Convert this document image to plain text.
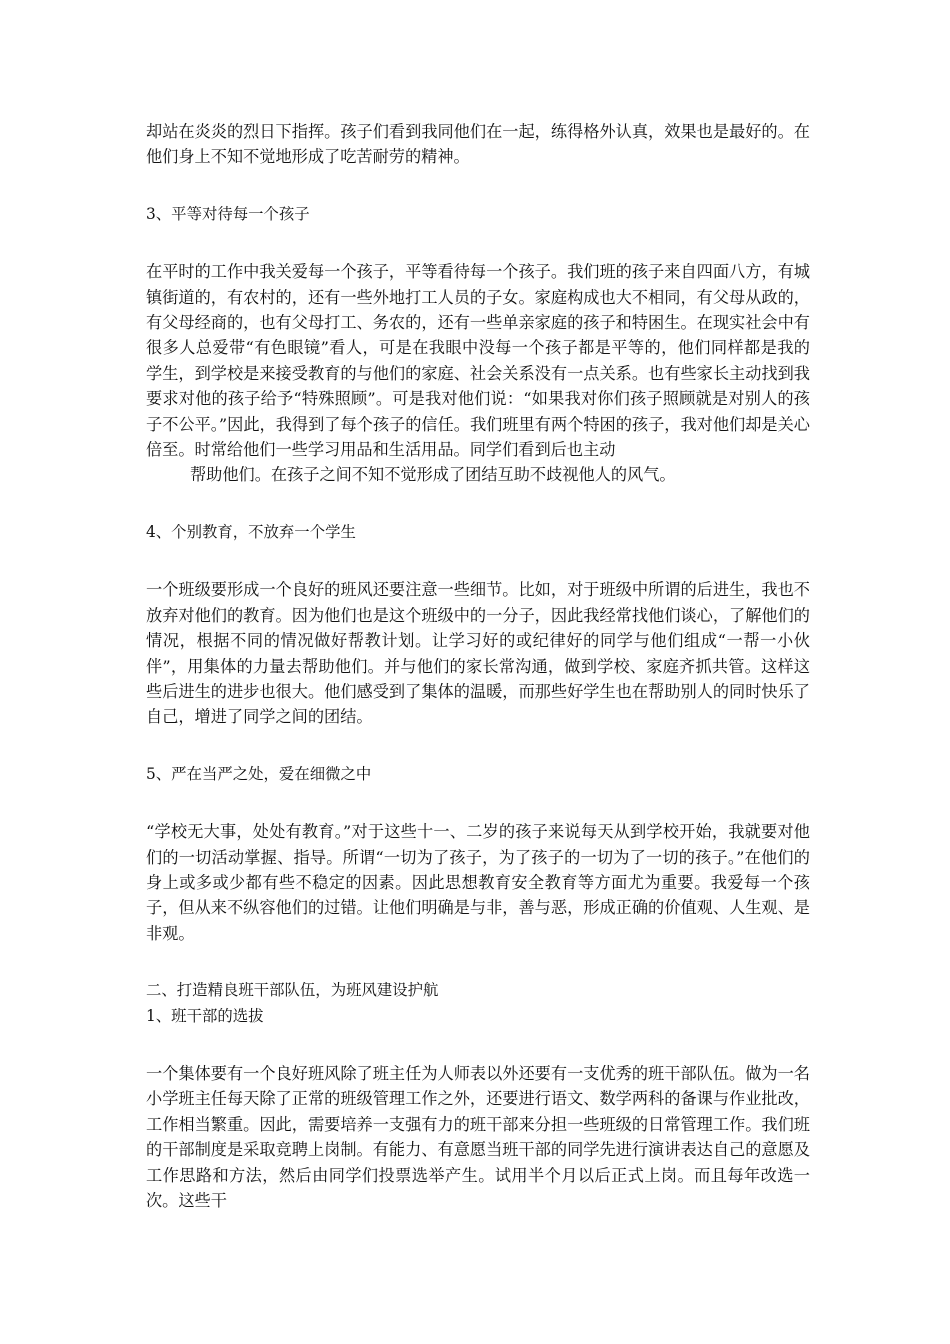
却站在炎炎的烈日下指挥。孩子们看到我同他们在一起，练得格外认真，效果也是最好的。在他们身上不知不觉地形成了吃苦耐劳的精神。

3、平等对待每一个孩子

在平时的工作中我关爱每一个孩子，平等看待每一个孩子。我们班的孩子来自四面八方，有城镇街道的，有农村的，还有一些外地打工人员的子女。家庭构成也大不相同，有父母从政的，有父母经商的，也有父母打工、务农的，还有一些单亲家庭的孩子和特困生。在现实社会中有很多人总爱带“有色眼镜”看人，可是在我眼中没每一个孩子都是平等的，他们同样都是我的学生，到学校是来接受教育的与他们的家庭、社会关系没有一点关系。也有些家长主动找到我要求对他的孩子给予“特殊照顾”。可是我对他们说：“如果我对你们孩子照顾就是对别人的孩子不公平。”因此，我得到了每个孩子的信任。我们班里有两个特困的孩子，我对他们却是关心倍至。时常给他们一些学习用品和生活用品。同学们看到后也主动

帮助他们。在孩子之间不知不觉形成了团结互助不歧视他人的风气。

4、个别教育，不放弃一个学生

一个班级要形成一个良好的班风还要注意一些细节。比如，对于班级中所谓的后进生，我也不放弃对他们的教育。因为他们也是这个班级中的一分子，因此我经常找他们谈心，了解他们的情况，根据不同的情况做好帮教计划。让学习好的或纪律好的同学与他们组成“一帮一小伙伴”，用集体的力量去帮助他们。并与他们的家长常沟通，做到学校、家庭齐抓共管。这样这些后进生的进步也很大。他们感受到了集体的温暖，而那些好学生也在帮助别人的同时快乐了自己，增进了同学之间的团结。

5、严在当严之处，爱在细微之中

“学校无大事，处处有教育。”对于这些十一、二岁的孩子来说每天从到学校开始，我就要对他们的一切活动掌握、指导。所谓“一切为了孩子，为了孩子的一切为了一切的孩子。”在他们的身上或多或少都有些不稳定的因素。因此思想教育安全教育等方面尤为重要。我爱每一个孩子，但从来不纵容他们的过错。让他们明确是与非，善与恶，形成正确的价值观、人生观、是非观。

二、打造精良班干部队伍，为班风建设护航

1、班干部的选拔

一个集体要有一个良好班风除了班主任为人师表以外还要有一支优秀的班干部队伍。做为一名小学班主任每天除了正常的班级管理工作之外，还要进行语文、数学两科的备课与作业批改，工作相当繁重。因此，需要培养一支强有力的班干部来分担一些班级的日常管理工作。我们班的干部制度是采取竞聘上岗制。有能力、有意愿当班干部的同学先进行演讲表达自己的意愿及工作思路和方法，然后由同学们投票选举产生。试用半个月以后正式上岗。而且每年改选一次。这些干
